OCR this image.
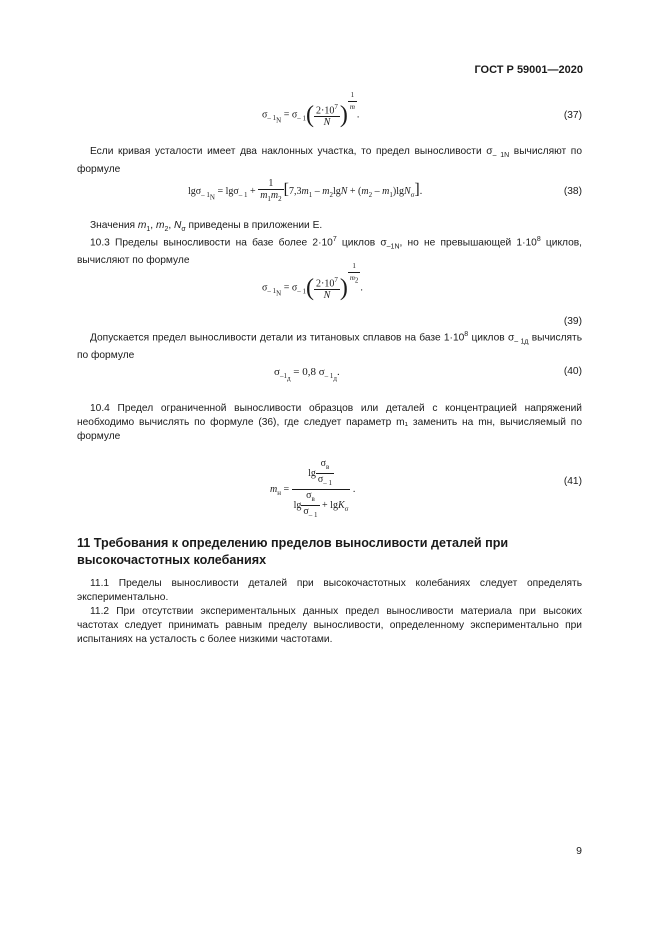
ГОСТ Р 59001—2020
$\sigma_{- 1_N} = \sigma_{- 1}( \frac{2\cdot 10^7}{N}$ )
$\frac{1}{m}$
.	(37)
Если кривая усталости имеет два наклонных участка, то предел выносливости $\sigma_{- 1N}$ вычисляют по формуле
$\lg\sigma_{- 1_N} = \lg\sigma_{- 1} + \frac{1}{m_1m_2} [7,3m_1 - m_2\lg N + (m_2 - m_1)\lg N_\sigma]$.	(38)
Значения $m_1$, $m_2$, $N_\sigma$ приведены в приложении Е.
10.3 Пределы выносливости на базе более $2\cdot 10^7$ циклов $\sigma_{-1N}$, но не превышающей $1\cdot 10^8$ циклов, вычисляют по формуле
$\sigma_{- 1_N} = \sigma_{- 1}( \frac{2\cdot 10^7}{N}$ )
$\frac{1}{m_2}$
.
(39)
Допускается предел выносливости детали из титановых сплавов на базе $1\cdot 10^8$ циклов $\sigma_{- 1д}$ вычислять по формуле
$\sigma_{-1_д} = 0,8$ $\sigma_{- 1_д}$.	(40)
10.4 Предел ограниченной выносливости образцов или деталей с концентрацией напряжений необходимо вычислять по формуле (36), где следует параметр m₁ заменить на mн, вычисляемый по формуле
$m_н = \frac{\lg \frac{\sigma_в}{\sigma_{- 1}}}{\lg \frac{\sigma_в}{\sigma_{- 1}} + \lg K_\sigma}$ .
(41)
11 Требования к определению пределов выносливости деталей при высокочастотных колебаниях
11.1 Пределы выносливости деталей при высокочастотных колебаниях следует определять экспериментально.
11.2 При отсутствии экспериментальных данных предел выносливости материала при высоких частотах следует принимать равным пределу выносливости, определенному экспериментально при испытаниях на усталость с более низкими частотами.
9
